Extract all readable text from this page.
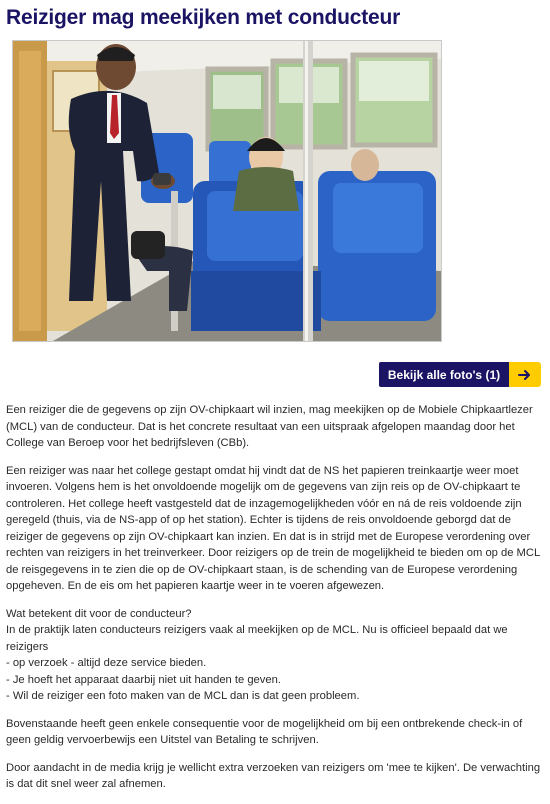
Reiziger mag meekijken met conducteur
Bekijk alle foto's (1)

Een reiziger die de gegevens op zijn OV-chipkaart wil inzien, mag meekijken op de Mobiele Chipkaartlezer (MCL) van de conducteur. Dat is het concrete resultaat van een uitspraak afgelopen maandag door het College van Beroep voor het bedrijfsleven (CBb).

Een reiziger was naar het college gestapt omdat hij vindt dat de NS het papieren treinkaartje weer moet invoeren. Volgens hem is het onvoldoende mogelijk om de gegevens van zijn reis op de OV-chipkaart te controleren. Het college heeft vastgesteld dat de inzagemogelijkheden vóór en ná de reis voldoende zijn geregeld (thuis, via de NS-app of op het station). Echter is tijdens de reis onvoldoende geborgd dat de reiziger de gegevens op zijn OV-chipkaart kan inzien. En dat is in strijd met de Europese verordening over rechten van reizigers in het treinverkeer. Door reizigers op de trein de mogelijkheid te bieden om op de MCL de reisgegevens in te zien die op de OV-chipkaart staan, is de schending van de Europese verordening opgeheven. En de eis om het papieren kaartje weer in te voeren afgewezen.

Wat betekent dit voor de conducteur?
In de praktijk laten conducteurs reizigers vaak al meekijken op de MCL. Nu is officieel bepaald dat we reizigers
- op verzoek - altijd deze service bieden.
- Je hoeft het apparaat daarbij niet uit handen te geven.
- Wil de reiziger een foto maken van de MCL dan is dat geen probleem.

Bovenstaande heeft geen enkele consequentie voor de mogelijkheid om bij een ontbrekende check-in of geen geldig vervoerbewijs een Uitstel van Betaling te schrijven.

Door aandacht in de media krijg je wellicht extra verzoeken van reizigers om 'mee te kijken'. De verwachting is dat dit snel weer zal afnemen.
